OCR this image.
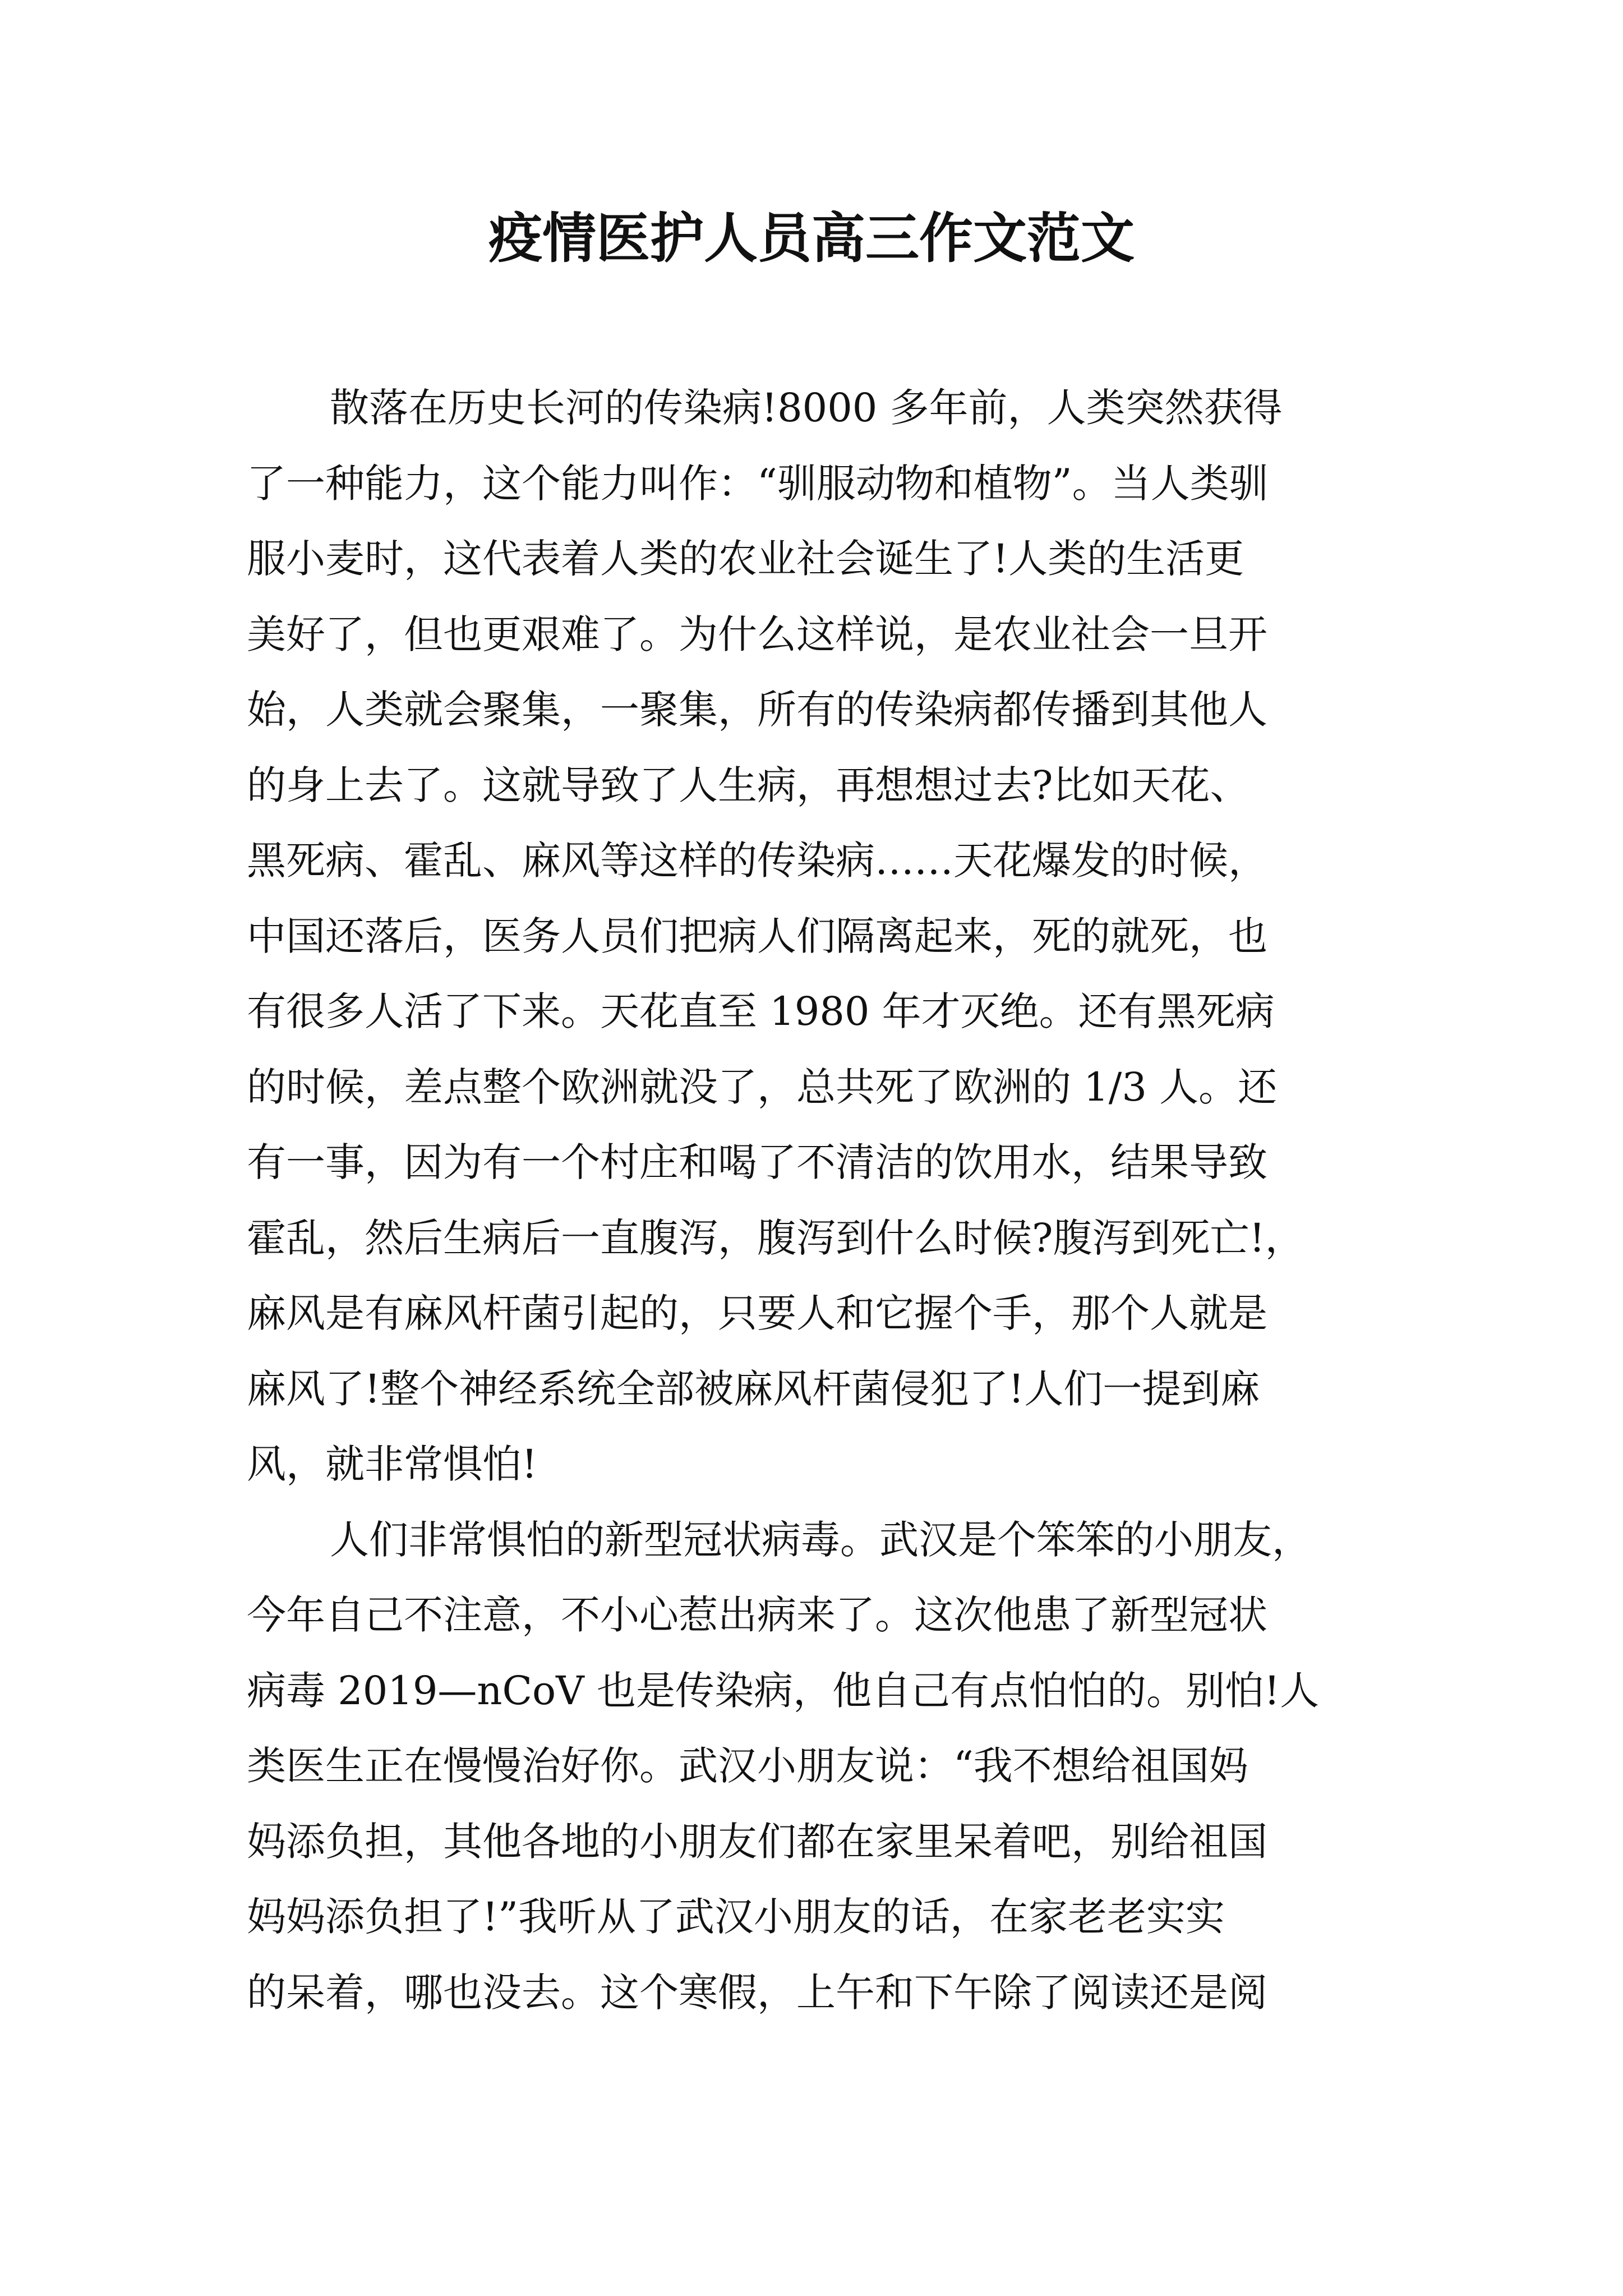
疫情医护人员高三作文范文
散落在历史长河的传染病!8000 多年前，人类突然获得
了一种能力，这个能力叫作：“驯服动物和植物”。当人类驯
服小麦时，这代表着人类的农业社会诞生了!人类的生活更
美好了，但也更艰难了。为什么这样说，是农业社会一旦开
始，人类就会聚集，一聚集，所有的传染病都传播到其他人
的身上去了。这就导致了人生病，再想想过去?比如天花、
黑死病、霍乱、麻风等这样的传染病……天花爆发的时候，
中国还落后，医务人员们把病人们隔离起来，死的就死，也
有很多人活了下来。天花直至 1980 年才灭绝。还有黑死病
的时候，差点整个欧洲就没了，总共死了欧洲的 1/3 人。还
有一事，因为有一个村庄和喝了不清洁的饮用水，结果导致
霍乱，然后生病后一直腹泻，腹泻到什么时候?腹泻到死亡!，
麻风是有麻风杆菌引起的，只要人和它握个手，那个人就是
麻风了!整个神经系统全部被麻风杆菌侵犯了!人们一提到麻
风，就非常惧怕!
人们非常惧怕的新型冠状病毒。武汉是个笨笨的小朋友，
今年自己不注意，不小心惹出病来了。这次他患了新型冠状
病毒 2019—nCoV 也是传染病，他自己有点怕怕的。别怕!人
类医生正在慢慢治好你。武汉小朋友说：“我不想给祖国妈
妈添负担，其他各地的小朋友们都在家里呆着吧，别给祖国
妈妈添负担了!”我听从了武汉小朋友的话，在家老老实实
的呆着，哪也没去。这个寒假，上午和下午除了阅读还是阅
